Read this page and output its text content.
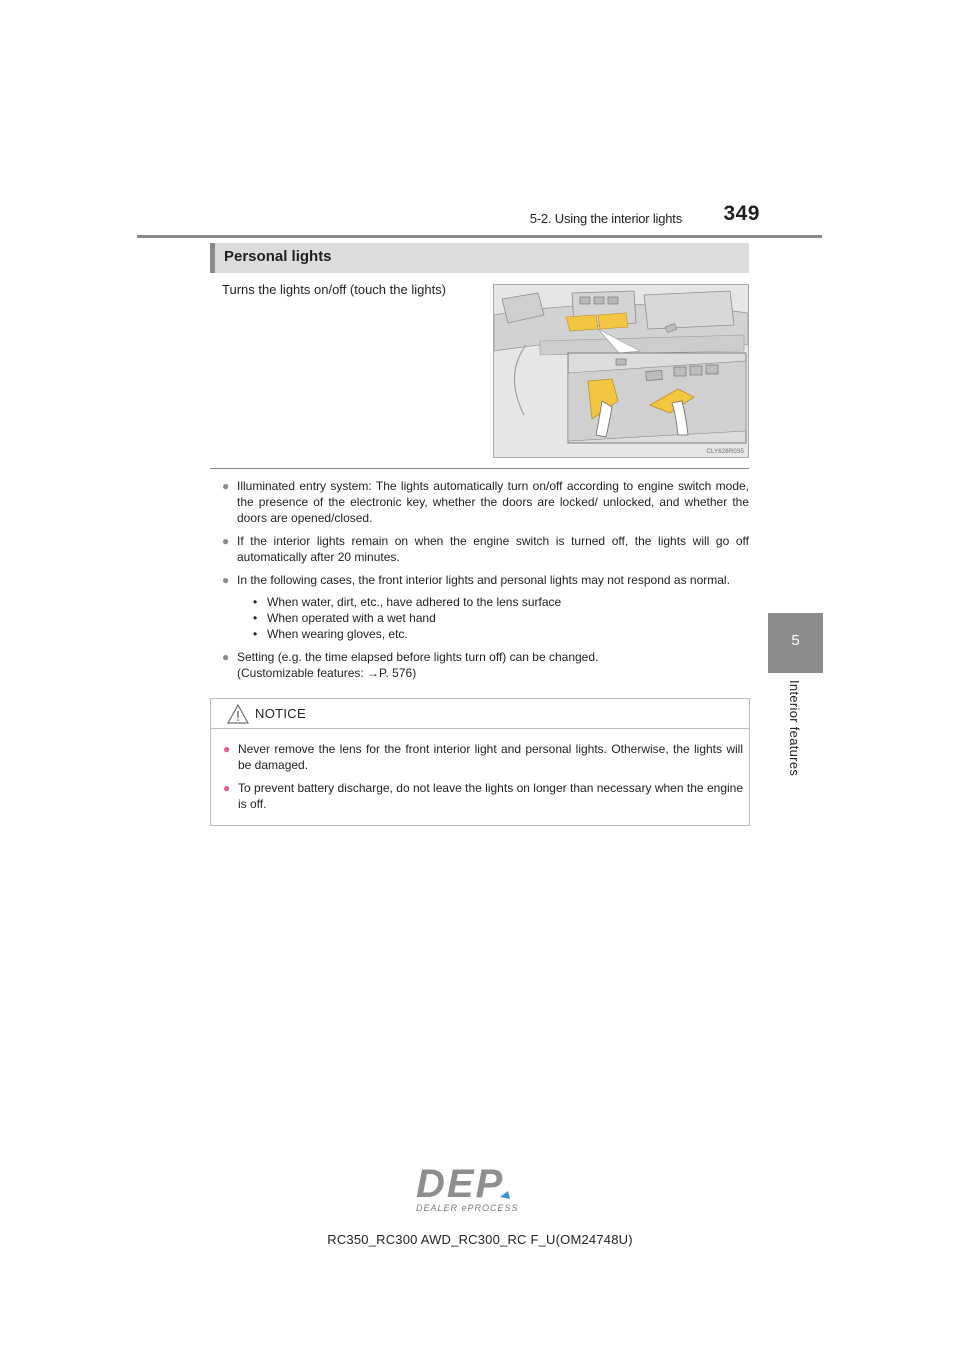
5-2. Using the interior lights 349
5
Interior features
Personal lights
Turns the lights on/off (touch the lights)
CLY628R035
● Illuminated entry system: The lights automatically turn on/off according to engine switch mode, the presence of the electronic key, whether the doors are locked/ unlocked, and whether the doors are opened/closed.
● If the interior lights remain on when the engine switch is turned off, the lights will go off automatically after 20 minutes.
● In the following cases, the front interior lights and personal lights may not respond as normal.
• When water, dirt, etc., have adhered to the lens surface
• When operated with a wet hand
• When wearing gloves, etc.
● Setting (e.g. the time elapsed before lights turn off) can be changed.
(Customizable features: →P. 576)
NOTICE
● Never remove the lens for the front interior light and personal lights. Otherwise, the lights will be damaged.
● To prevent battery discharge, do not leave the lights on longer than necessary when the engine is off.
DEP
DEALER ePROCESS
RC350_RC300 AWD_RC300_RC F_U(OM24748U)
